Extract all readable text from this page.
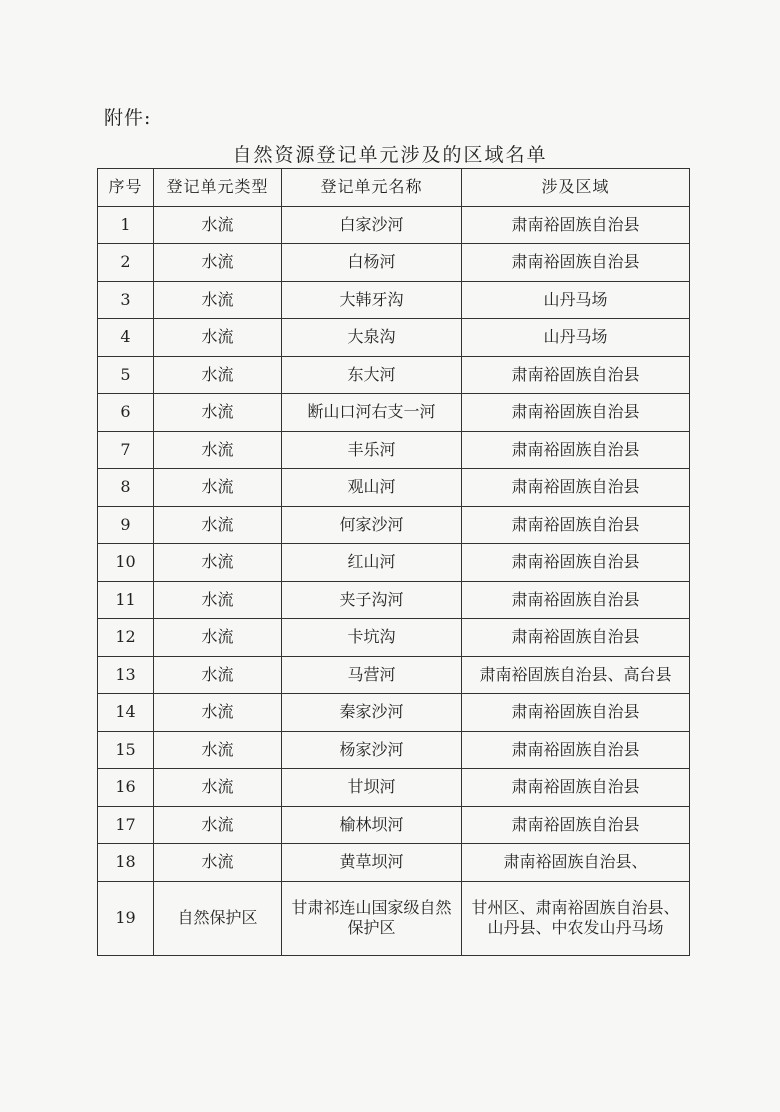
附件:
自然资源登记单元涉及的区域名单
序号	登记单元类型	登记单元名称	涉及区域
1	水流	白家沙河	肃南裕固族自治县
2	水流	白杨河	肃南裕固族自治县
3	水流	大韩牙沟	山丹马场
4	水流	大泉沟	山丹马场
5	水流	东大河	肃南裕固族自治县
6	水流	断山口河右支一河	肃南裕固族自治县
7	水流	丰乐河	肃南裕固族自治县
8	水流	观山河	肃南裕固族自治县
9	水流	何家沙河	肃南裕固族自治县
10	水流	红山河	肃南裕固族自治县
11	水流	夹子沟河	肃南裕固族自治县
12	水流	卡坑沟	肃南裕固族自治县
13	水流	马营河	肃南裕固族自治县、高台县
14	水流	秦家沙河	肃南裕固族自治县
15	水流	杨家沙河	肃南裕固族自治县
16	水流	甘坝河	肃南裕固族自治县
17	水流	榆林坝河	肃南裕固族自治县
18	水流	黄草坝河	肃南裕固族自治县、
19	自然保护区	甘肃祁连山国家级自然保护区	甘州区、肃南裕固族自治县、山丹县、中农发山丹马场
